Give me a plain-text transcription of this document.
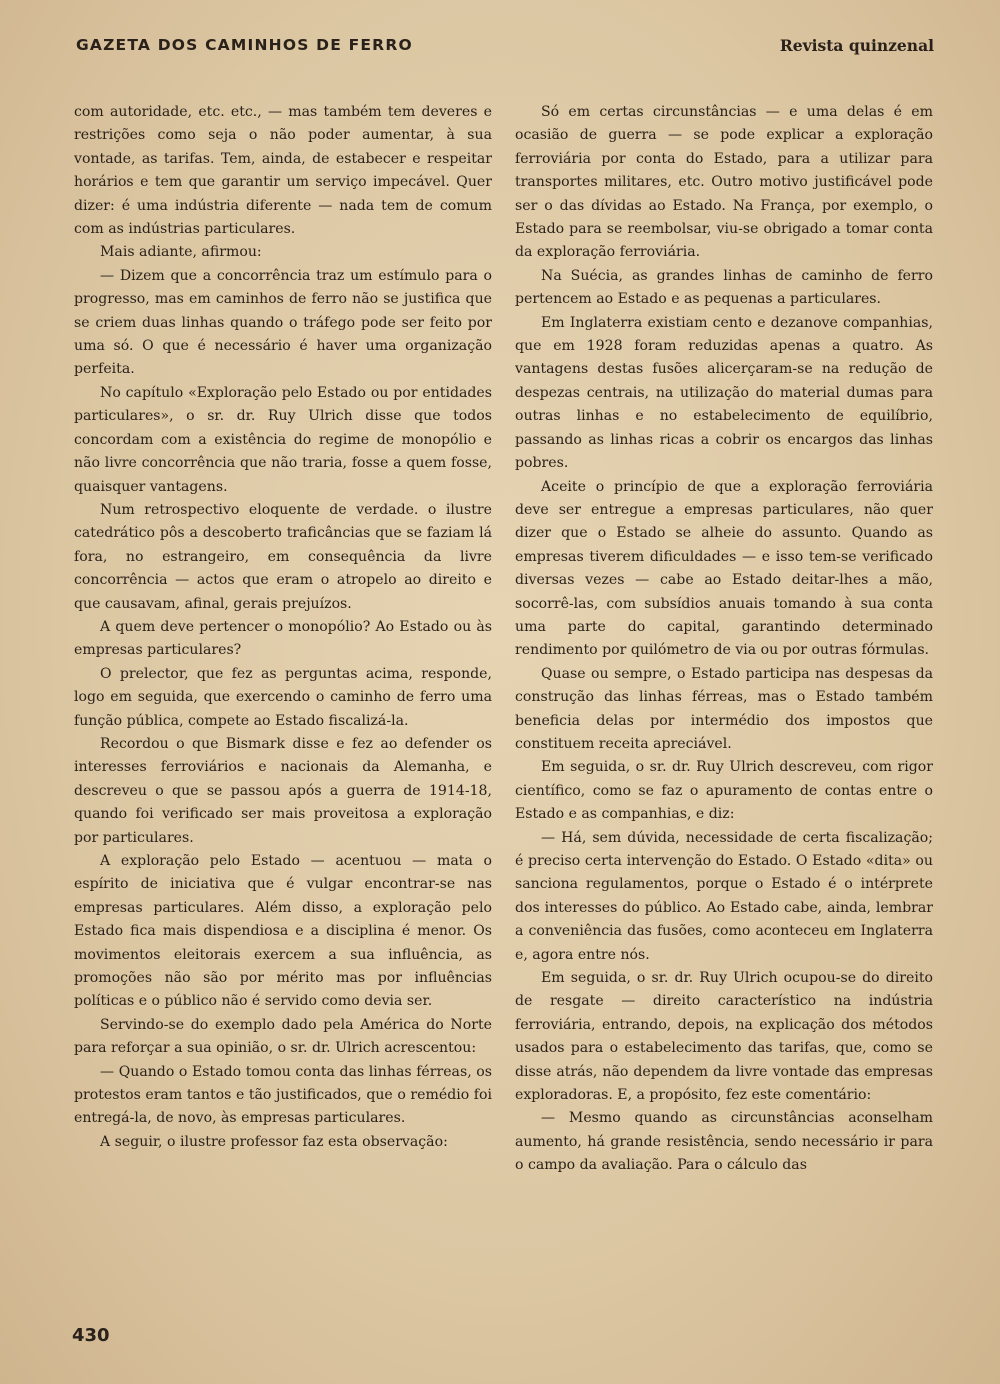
GAZETA DOS CAMINHOS DE FERRO	Revista quinzenal

com autoridade, etc. etc., — mas também tem deveres e restrições como seja o não poder aumentar, à sua vontade, as tarifas. Tem, ainda, de estabecer e respeitar horários e tem que garantir um serviço impecável. Quer dizer: é uma indústria diferente — nada tem de comum com as indústrias particulares.

Mais adiante, afirmou:

— Dizem que a concorrência traz um estímulo para o progresso, mas em caminhos de ferro não se justifica que se criem duas linhas quando o tráfego pode ser feito por uma só. O que é necessário é haver uma organização perfeita.

No capítulo «Exploração pelo Estado ou por entidades particulares», o sr. dr. Ruy Ulrich disse que todos concordam com a existência do regime de monopólio e não livre concorrência que não traria, fosse a quem fosse, quaisquer vantagens.

Num retrospectivo eloquente de verdade. o ilustre catedrático pôs a descoberto traficâncias que se faziam lá fora, no estrangeiro, em consequência da livre concorrência — actos que eram o atropelo ao direito e que causavam, afinal, gerais prejuízos.

A quem deve pertencer o monopólio? Ao Estado ou às empresas particulares?

O prelector, que fez as perguntas acima, responde, logo em seguida, que exercendo o caminho de ferro uma função pública, compete ao Estado fiscalizá-la.

Recordou o que Bismark disse e fez ao defender os interesses ferroviários e nacionais da Alemanha, e descreveu o que se passou após a guerra de 1914-18, quando foi verificado ser mais proveitosa a exploração por particulares.

A exploração pelo Estado — acentuou — mata o espírito de iniciativa que é vulgar encontrar-se nas empresas particulares. Além disso, a exploração pelo Estado fica mais dispendiosa e a disciplina é menor. Os movimentos eleitorais exercem a sua influência, as promoções não são por mérito mas por influências políticas e o público não é servido como devia ser.

Servindo-se do exemplo dado pela América do Norte para reforçar a sua opinião, o sr. dr. Ulrich acrescentou:

— Quando o Estado tomou conta das linhas férreas, os protestos eram tantos e tão justificados, que o remédio foi entregá-la, de novo, às empresas particulares.

A seguir, o ilustre professor faz esta observação:

Só em certas circunstâncias — e uma delas é em ocasião de guerra — se pode explicar a exploração ferroviária por conta do Estado, para a utilizar para transportes militares, etc. Outro motivo justificável pode ser o das dívidas ao Estado. Na França, por exemplo, o Estado para se reembolsar, viu-se obrigado a tomar conta da exploração ferroviária.

Na Suécia, as grandes linhas de caminho de ferro pertencem ao Estado e as pequenas a particulares.

Em Inglaterra existiam cento e dezanove companhias, que em 1928 foram reduzidas apenas a quatro. As vantagens destas fusões alicerçaram-se na redução de despezas centrais, na utilização do material dumas para outras linhas e no estabelecimento de equilíbrio, passando as linhas ricas a cobrir os encargos das linhas pobres.

Aceite o princípio de que a exploração ferroviária deve ser entregue a empresas particulares, não quer dizer que o Estado se alheie do assunto. Quando as empresas tiverem dificuldades — e isso tem-se verificado diversas vezes — cabe ao Estado deitar-lhes a mão, socorrê-las, com subsídios anuais tomando à sua conta uma parte do capital, garantindo determinado rendimento por quilómetro de via ou por outras fórmulas.

Quase ou sempre, o Estado participa nas despesas da construção das linhas férreas, mas o Estado também beneficia delas por intermédio dos impostos que constituem receita apreciável.

Em seguida, o sr. dr. Ruy Ulrich descreveu, com rigor científico, como se faz o apuramento de contas entre o Estado e as companhias, e diz:

— Há, sem dúvida, necessidade de certa fiscalização; é preciso certa intervenção do Estado. O Estado «dita» ou sanciona regulamentos, porque o Estado é o intérprete dos interesses do público. Ao Estado cabe, ainda, lembrar a conveniência das fusões, como aconteceu em Inglaterra e, agora entre nós.

Em seguida, o sr. dr. Ruy Ulrich ocupou-se do direito de resgate — direito característico na indústria ferroviária, entrando, depois, na explicação dos métodos usados para o estabelecimento das tarifas, que, como se disse atrás, não dependem da livre vontade das empresas exploradoras. E, a propósito, fez este comentário:

— Mesmo quando as circunstâncias aconselham aumento, há grande resistência, sendo necessário ir para o campo da avaliação. Para o cálculo das

430
